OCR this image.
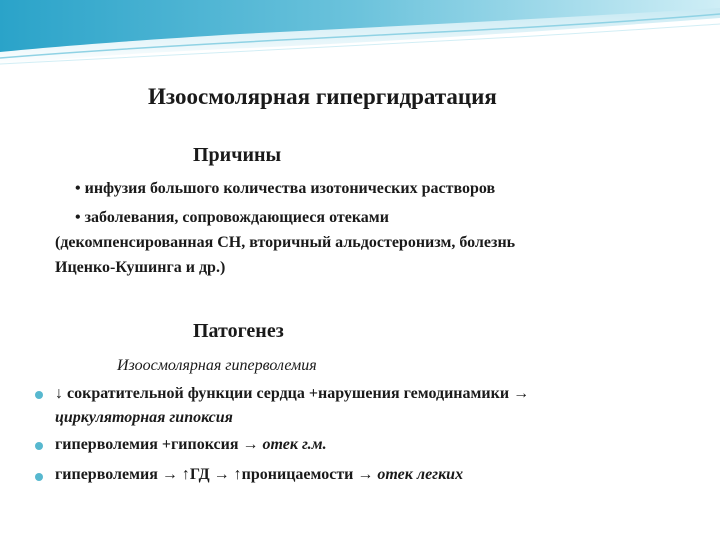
Изоосмолярная гипергидратация
Причины
• инфузия большого количества изотонических растворов
• заболевания, сопровождающиеся отеками
(декомпенсированная СН, вторичный альдостеронизм, болезнь
Иценко-Кушинга и др.)
Патогенез
Изоосмолярная гиперволемия
↓ сократительной функции сердца +нарушения гемодинамики →
циркуляторная гипоксия
гиперволемия +гипоксия → отек г.м.
гиперволемия → ↑ГД → ↑проницаемости → отек легких
